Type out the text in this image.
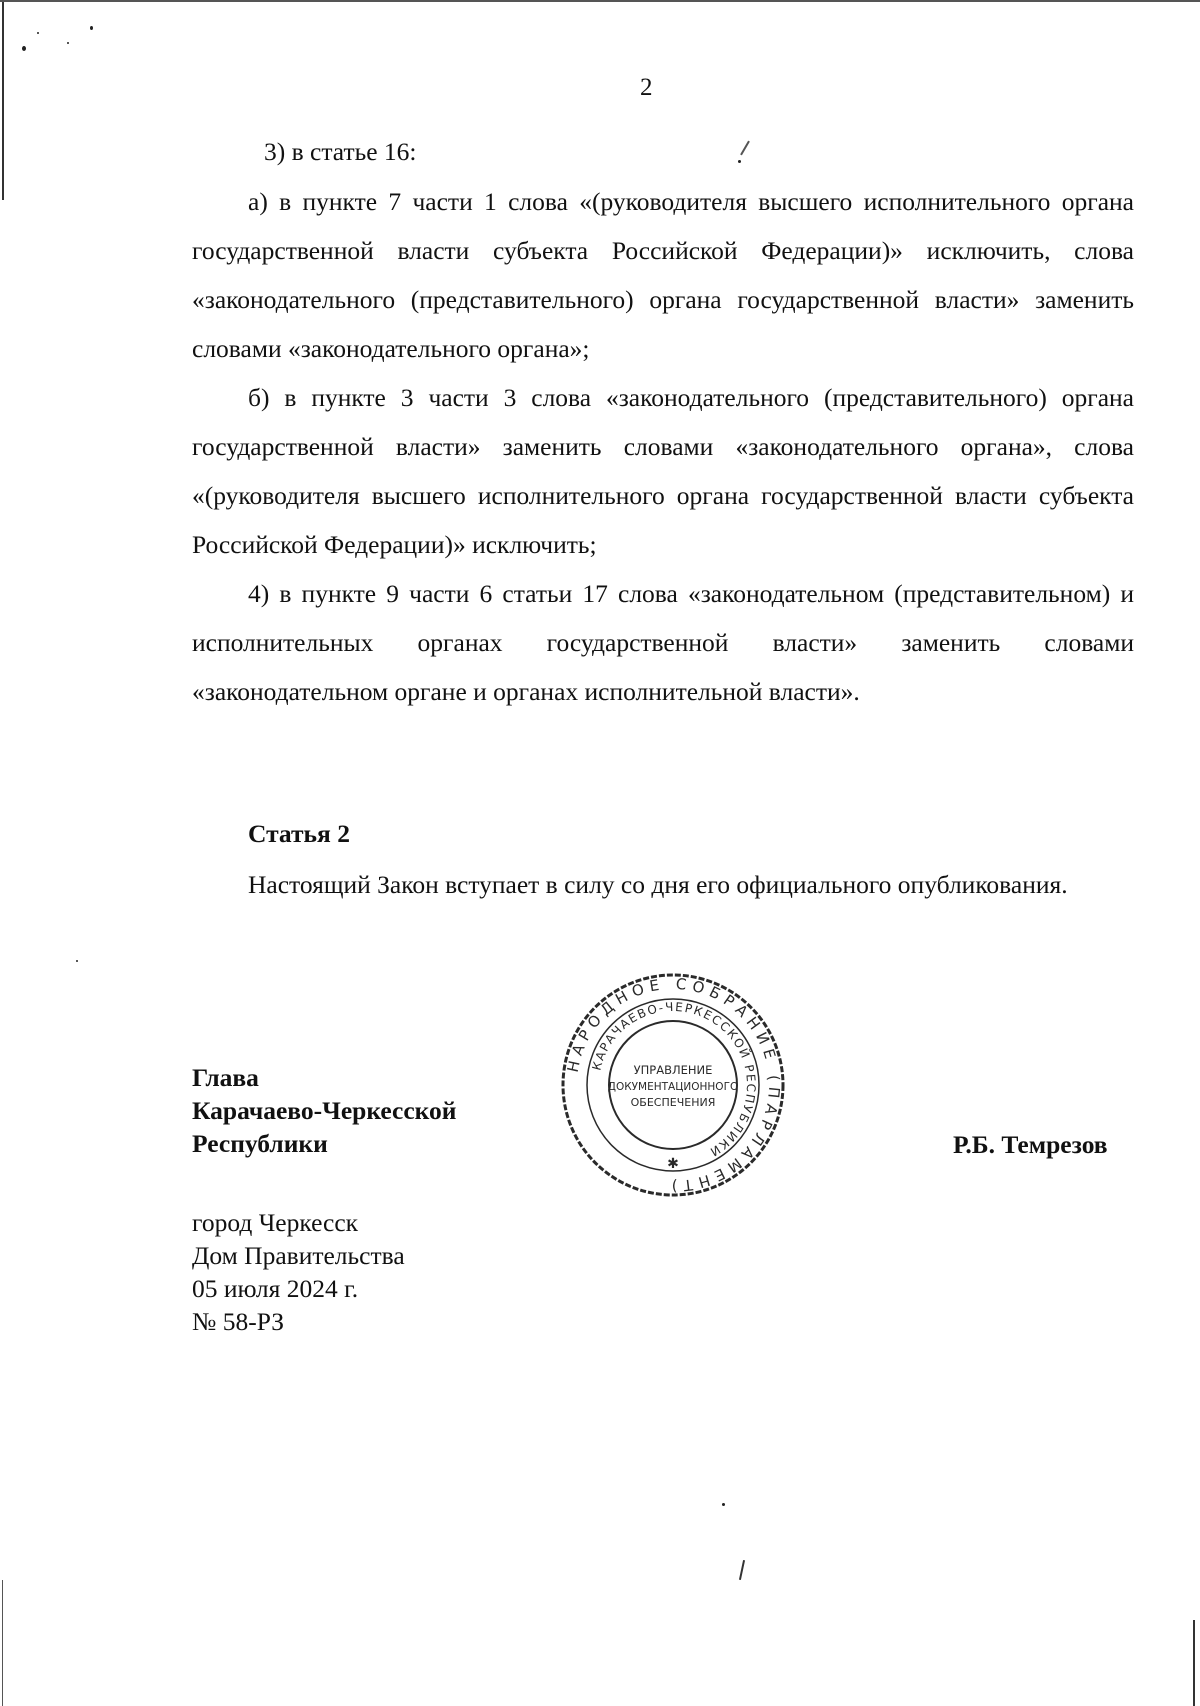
2
3) в статье 16:
а) в пункте 7 части 1 слова «(руководителя высшего исполнительного органа государственной власти субъекта Российской Федерации)» исключить, слова «законодательного (представительного) органа государственной власти» заменить словами «законодательного органа»;
б) в пункте 3 части 3 слова «законодательного (представительного) органа государственной власти» заменить словами «законодательного органа», слова «(руководителя высшего исполнительного органа государственной власти субъекта Российской Федерации)» исключить;
4) в пункте 9 части 6 статьи 17 слова «законодательном (представительном) и исполнительных органах государственной власти» заменить словами «законодательном органе и органах исполнительной власти».
Статья 2
Настоящий Закон вступает в силу со дня его официального опубликования.
Глава
Карачаево-Черкесской
Республики	Р.Б. Темрезов
НАРОДНОЕ СОБРАНИЕ (ПАРЛАМЕНТ)
КАРАЧАЕВО-ЧЕРКЕССКОЙ РЕСПУБЛИКИ
УПРАВЛЕНИЕ
ДОКУМЕНТАЦИОННОГО
ОБЕСПЕЧЕНИЯ
✱
город Черкесск
Дом Правительства
05 июля 2024 г.
№ 58-РЗ
